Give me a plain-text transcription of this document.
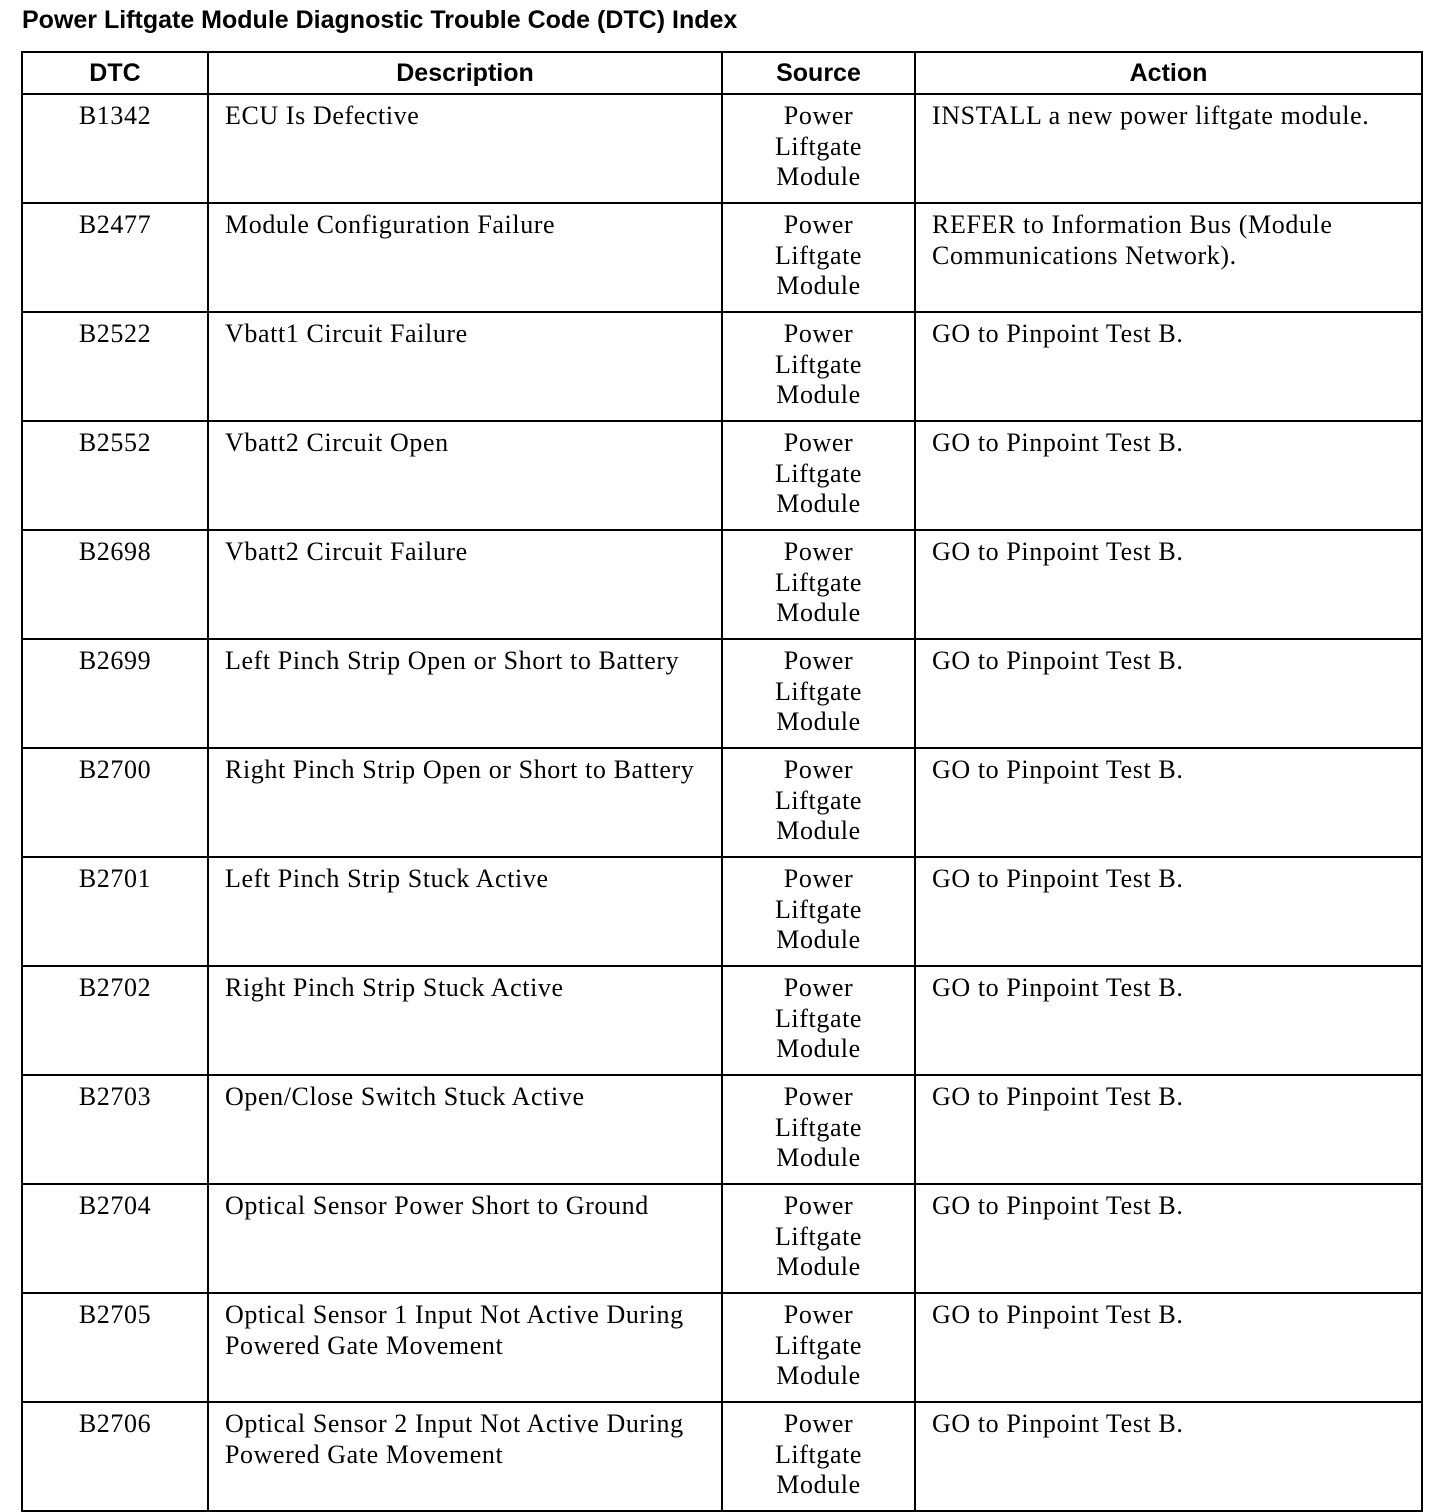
Power Liftgate Module Diagnostic Trouble Code (DTC) Index
DTC	Description	Source	Action
B1342	ECU Is Defective	Power Liftgate Module	INSTALL a new power liftgate module.
B2477	Module Configuration Failure	Power Liftgate Module	REFER to Information Bus (Module Communications Network).
B2522	Vbatt1 Circuit Failure	Power Liftgate Module	GO to Pinpoint Test B.
B2552	Vbatt2 Circuit Open	Power Liftgate Module	GO to Pinpoint Test B.
B2698	Vbatt2 Circuit Failure	Power Liftgate Module	GO to Pinpoint Test B.
B2699	Left Pinch Strip Open or Short to Battery	Power Liftgate Module	GO to Pinpoint Test B.
B2700	Right Pinch Strip Open or Short to Battery	Power Liftgate Module	GO to Pinpoint Test B.
B2701	Left Pinch Strip Stuck Active	Power Liftgate Module	GO to Pinpoint Test B.
B2702	Right Pinch Strip Stuck Active	Power Liftgate Module	GO to Pinpoint Test B.
B2703	Open/Close Switch Stuck Active	Power Liftgate Module	GO to Pinpoint Test B.
B2704	Optical Sensor Power Short to Ground	Power Liftgate Module	GO to Pinpoint Test B.
B2705	Optical Sensor 1 Input Not Active During Powered Gate Movement	Power Liftgate Module	GO to Pinpoint Test B.
B2706	Optical Sensor 2 Input Not Active During Powered Gate Movement	Power Liftgate Module	GO to Pinpoint Test B.
